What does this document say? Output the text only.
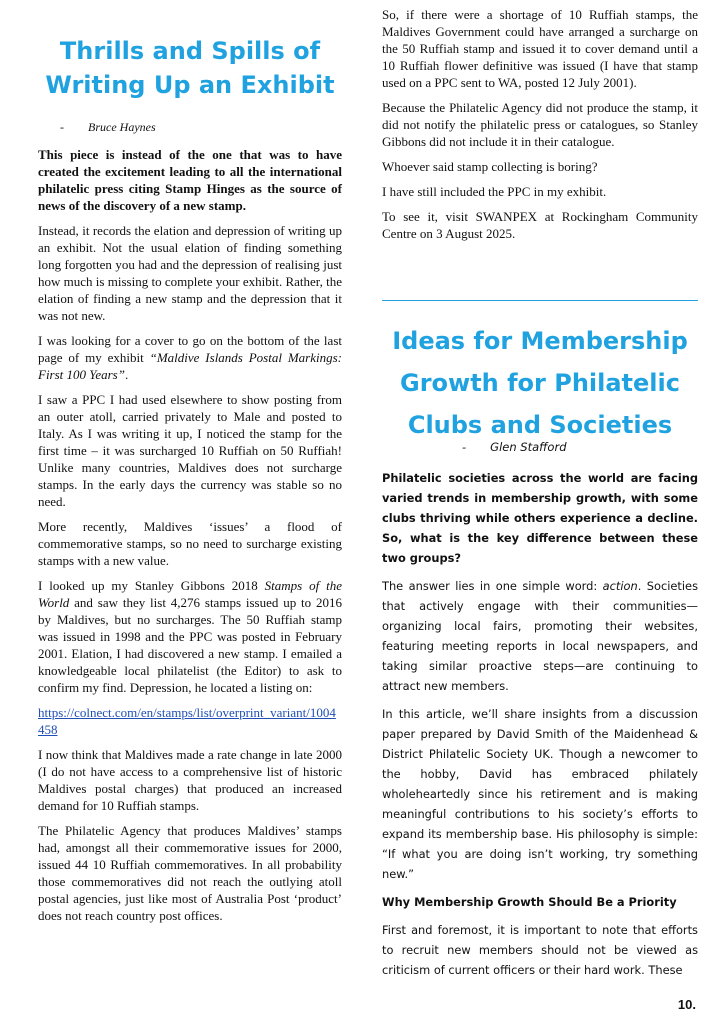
Thrills and Spills of Writing Up an Exhibit
- Bruce Haynes

This piece is instead of the one that was to have created the excitement leading to all the international philatelic press citing Stamp Hinges as the source of news of the discovery of a new stamp.

Instead, it records the elation and depression of writing up an exhibit. Not the usual elation of finding something long forgotten you had and the depression of realising just how much is missing to complete your exhibit. Rather, the elation of finding a new stamp and the depression that it was not new.

I was looking for a cover to go on the bottom of the last page of my exhibit “Maldive Islands Postal Markings: First 100 Years”.

I saw a PPC I had used elsewhere to show posting from an outer atoll, carried privately to Male and posted to Italy. As I was writing it up, I noticed the stamp for the first time – it was surcharged 10 Ruffiah on 50 Ruffiah! Unlike many countries, Maldives does not surcharge stamps. In the early days the currency was stable so no need.

More recently, Maldives ‘issues’ a flood of commemorative stamps, so no need to surcharge existing stamps with a new value.

I looked up my Stanley Gibbons 2018 Stamps of the World and saw they list 4,276 stamps issued up to 2016 by Maldives, but no surcharges. The 50 Ruffiah stamp was issued in 1998 and the PPC was posted in February 2001. Elation, I had discovered a new stamp. I emailed a knowledgeable local philatelist (the Editor) to ask to confirm my find. Depression, he located a listing on:

https://colnect.com/en/stamps/list/overprint_variant/1004458

I now think that Maldives made a rate change in late 2000 (I do not have access to a comprehensive list of historic Maldives postal charges) that produced an increased demand for 10 Ruffiah stamps.

The Philatelic Agency that produces Maldives’ stamps had, amongst all their commemorative issues for 2000, issued 44 10 Ruffiah commemoratives. In all probability those commemoratives did not reach the outlying atoll postal agencies, just like most of Australia Post ‘product’ does not reach country post offices.

So, if there were a shortage of 10 Ruffiah stamps, the Maldives Government could have arranged a surcharge on the 50 Ruffiah stamp and issued it to cover demand until a 10 Ruffiah flower definitive was issued (I have that stamp used on a PPC sent to WA, posted 12 July 2001).

Because the Philatelic Agency did not produce the stamp, it did not notify the philatelic press or catalogues, so Stanley Gibbons did not include it in their catalogue.

Whoever said stamp collecting is boring?

I have still included the PPC in my exhibit.

To see it, visit SWANPEX at Rockingham Community Centre on 3 August 2025.

Ideas for Membership Growth for Philatelic Clubs and Societies
- Glen Stafford

Philatelic societies across the world are facing varied trends in membership growth, with some clubs thriving while others experience a decline. So, what is the key difference between these two groups?

The answer lies in one simple word: action. Societies that actively engage with their communities—organizing local fairs, promoting their websites, featuring meeting reports in local newspapers, and taking similar proactive steps—are continuing to attract new members.

In this article, we’ll share insights from a discussion paper prepared by David Smith of the Maidenhead & District Philatelic Society UK. Though a newcomer to the hobby, David has embraced philately wholeheartedly since his retirement and is making meaningful contributions to his society’s efforts to expand its membership base. His philosophy is simple: “If what you are doing isn’t working, try something new.”

Why Membership Growth Should Be a Priority

First and foremost, it is important to note that efforts to recruit new members should not be viewed as criticism of current officers or their hard work. These

10.
